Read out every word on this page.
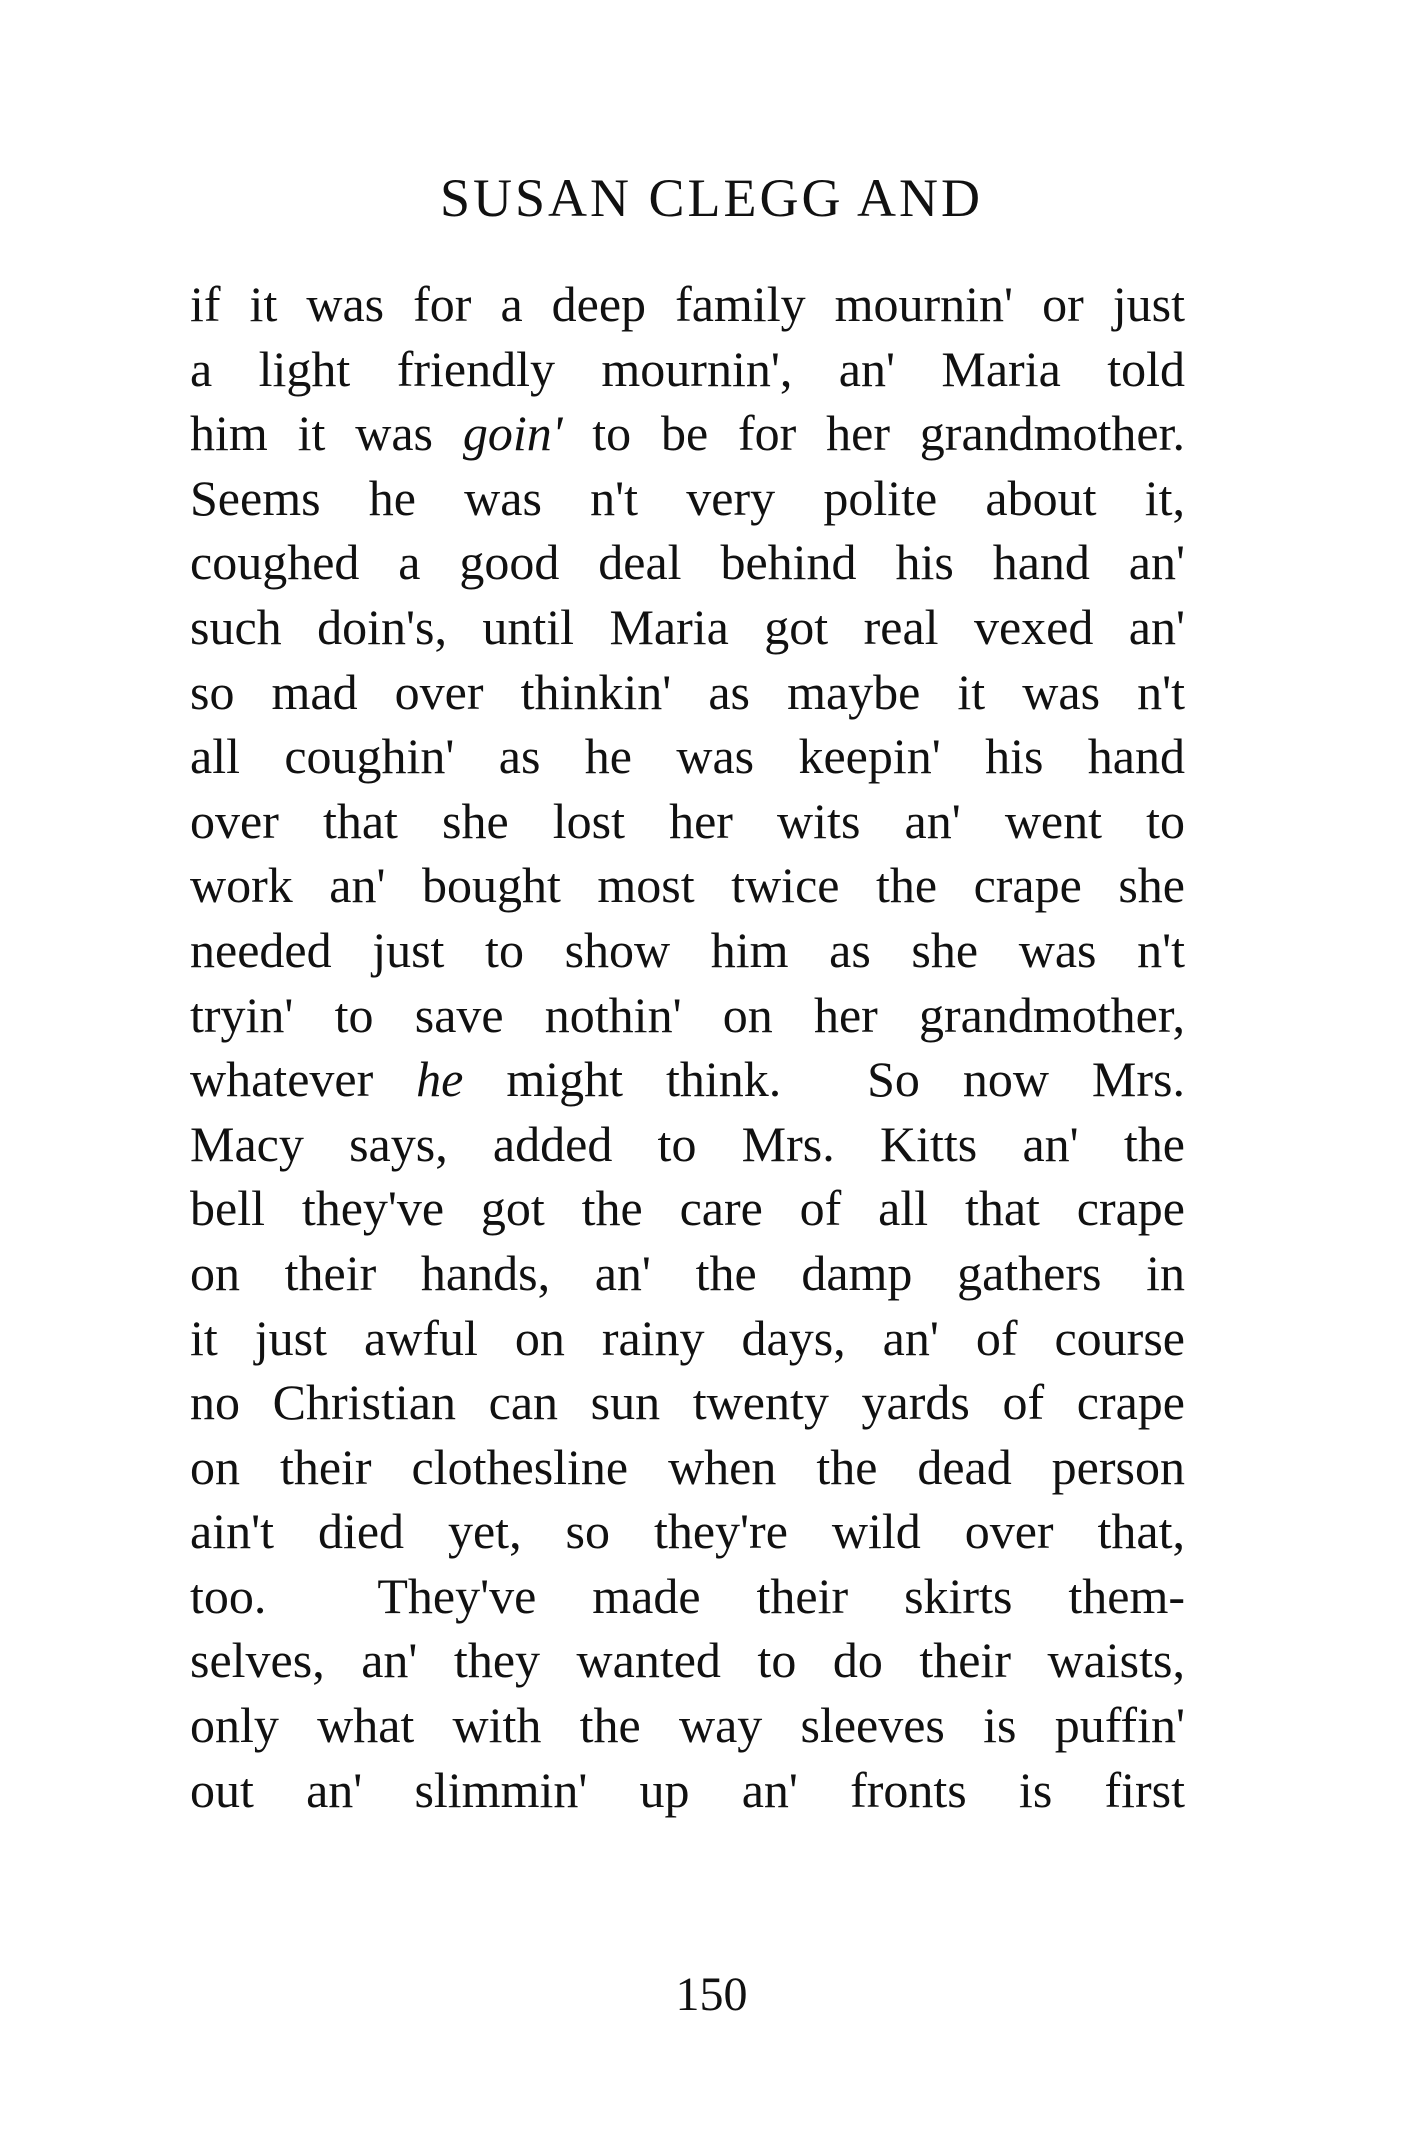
SUSAN CLEGG AND
if it was for a deep family mournin' or just
a light friendly mournin', an' Maria told
him it was goin' to be for her grandmother.
Seems he was n't very polite about it,
coughed a good deal behind his hand an'
such doin's, until Maria got real vexed an'
so mad over thinkin' as maybe it was n't
all coughin' as he was keepin' his hand
over that she lost her wits an' went to
work an' bought most twice the crape she
needed just to show him as she was n't
tryin' to save nothin' on her grandmother,
whatever he might think.  So now Mrs.
Macy says, added to Mrs. Kitts an' the
bell they've got the care of all that crape
on their hands, an' the damp gathers in
it just awful on rainy days, an' of course
no Christian can sun twenty yards of crape
on their clothesline when the dead person
ain't died yet, so they're wild over that,
too.  They've made their skirts them-
selves, an' they wanted to do their waists,
only what with the way sleeves is puffin'
out an' slimmin' up an' fronts is first
150
